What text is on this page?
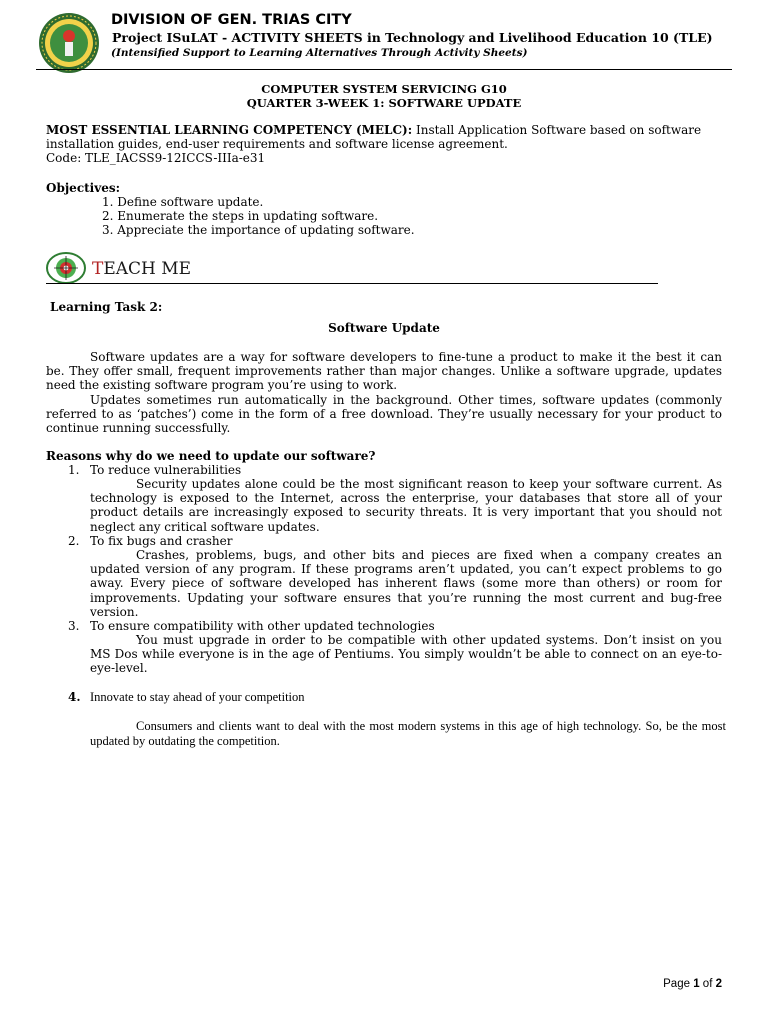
DIVISION OF GEN. TRIAS CITY
Project ISuLAT - ACTIVITY SHEETS in Technology and Livelihood Education 10 (TLE)
(Intensified Support to Learning Alternatives Through Activity Sheets)
COMPUTER SYSTEM SERVICING G10
QUARTER 3-WEEK 1: SOFTWARE UPDATE
MOST ESSENTIAL LEARNING COMPETENCY (MELC): Install Application Software based on software installation guides, end-user requirements and software license agreement.
Code: TLE_IACSS9-12ICCS-IIIa-e31
Objectives:
1. Define software update.
2. Enumerate the steps in updating software.
3. Appreciate the importance of updating software.
TEACH ME
Learning Task 2:
Software Update
Software updates are a way for software developers to fine-tune a product to make it the best it can be. They offer small, frequent improvements rather than major changes. Unlike a software upgrade, updates need the existing software program you’re using to work.
Updates sometimes run automatically in the background. Other times, software updates (commonly referred to as ‘patches’) come in the form of a free download. They’re usually necessary for your product to continue running successfully.
Reasons why do we need to update our software?
1. To reduce vulnerabilities
Security updates alone could be the most significant reason to keep your software current. As technology is exposed to the Internet, across the enterprise, your databases that store all of your product details are increasingly exposed to security threats. It is very important that you should not neglect any critical software updates.
2. To fix bugs and crasher
Crashes, problems, bugs, and other bits and pieces are fixed when a company creates an updated version of any program. If these programs aren’t updated, you can’t expect problems to go away. Every piece of software developed has inherent flaws (some more than others) or room for improvements. Updating your software ensures that you’re running the most current and bug-free version.
3. To ensure compatibility with other updated technologies
You must upgrade in order to be compatible with other updated systems. Don’t insist on you MS Dos while everyone is in the age of Pentiums. You simply wouldn’t be able to connect on an eye-to-eye-level.
4. Innovate to stay ahead of your competition
Consumers and clients want to deal with the most modern systems in this age of high technology. So, be the most updated by outdating the competition.
Page 1 of 2
